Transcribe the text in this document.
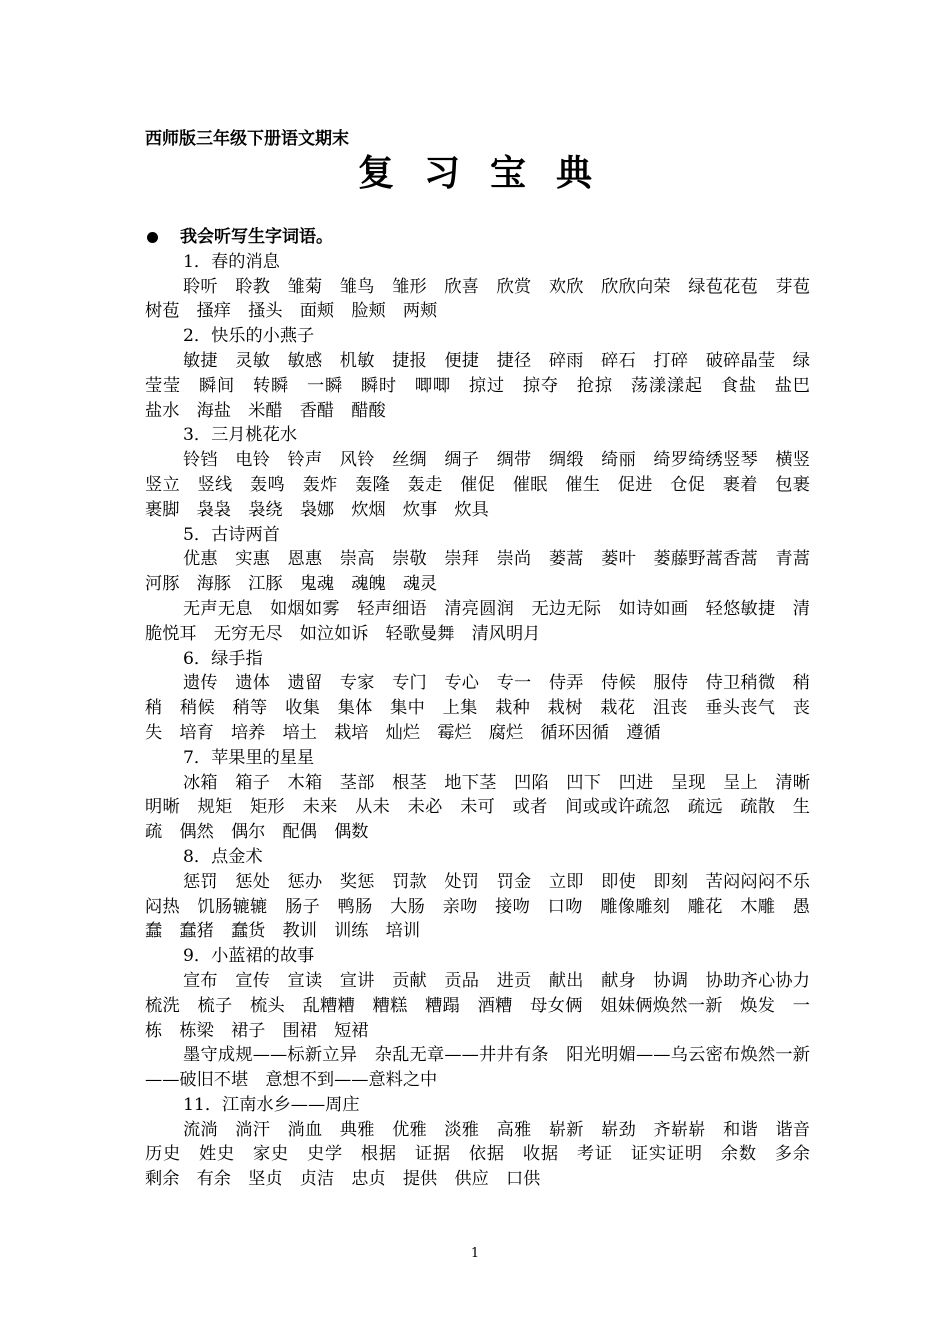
西师版三年级下册语文期末
复习宝典
我会听写生字词语。
1．春的消息
聆听　聆教　雏菊　雏鸟　雏形　欣喜　欣赏　欢欣　欣欣向荣　绿苞花苞　芽苞　树苞　搔痒　搔头　面颊　脸颊　两颊
2．快乐的小燕子
敏捷　灵敏　敏感　机敏　捷报　便捷　捷径　碎雨　碎石　打碎　破碎晶莹　绿莹莹　瞬间　转瞬　一瞬　瞬时　唧唧　掠过　掠夺　抢掠　荡漾漾起　食盐　盐巴　盐水　海盐　米醋　香醋　醋酸
3．三月桃花水
铃铛　电铃　铃声　风铃　丝绸　绸子　绸带　绸缎　绮丽　绮罗绮绣竖琴　横竖　竖立　竖线　轰鸣　轰炸　轰隆　轰走　催促　催眠　催生　促进　仓促　裹着　包裹　裹脚　袅袅　袅绕　袅娜　炊烟　炊事　炊具
5．古诗两首
优惠　实惠　恩惠　崇高　崇敬　崇拜　崇尚　蒌蒿　蒌叶　蒌藤野蒿香蒿　青蒿　河豚　海豚　江豚　鬼魂　魂魄　魂灵
无声无息　如烟如雾　轻声细语　清亮圆润　无边无际　如诗如画　轻悠敏捷　清脆悦耳　无穷无尽　如泣如诉　轻歌曼舞　清风明月
6．绿手指
遗传　遗体　遗留　专家　专门　专心　专一　侍弄　侍候　服侍　侍卫稍微　稍稍　稍候　稍等　收集　集体　集中　上集　栽种　栽树　栽花　沮丧　垂头丧气　丧失　培育　培养　培土　栽培　灿烂　霉烂　腐烂　循环因循　遵循
7．苹果里的星星
冰箱　箱子　木箱　茎部　根茎　地下茎　凹陷　凹下　凹进　呈现　呈上　清晰　明晰　规矩　矩形　未来　从未　未必　未可　或者　间或或许疏忽　疏远　疏散　生疏　偶然　偶尔　配偶　偶数
8．点金术
惩罚　惩处　惩办　奖惩　罚款　处罚　罚金　立即　即使　即刻　苦闷闷闷不乐　闷热　饥肠辘辘　肠子　鸭肠　大肠　亲吻　接吻　口吻　雕像雕刻　雕花　木雕　愚蠢　蠢猪　蠢货　教训　训练　培训
9．小蓝裙的故事
宣布　宣传　宣读　宣讲　贡献　贡品　进贡　献出　献身　协调　协助齐心协力　梳洗　梳子　梳头　乱糟糟　糟糕　糟蹋　酒糟　母女俩　姐妹俩焕然一新　焕发　一栋　栋梁　裙子　围裙　短裙
墨守成规——标新立异　杂乱无章——井井有条　阳光明媚——乌云密布焕然一新——破旧不堪　意想不到——意料之中
11．江南水乡——周庄
流淌　淌汗　淌血　典雅　优雅　淡雅　高雅　崭新　崭劲　齐崭崭　和谐　谐音　历史　姓史　家史　史学　根据　证据　依据　收据　考证　证实证明　余数　多余　剩余　有余　坚贞　贞洁　忠贞　提供　供应　口供
1
